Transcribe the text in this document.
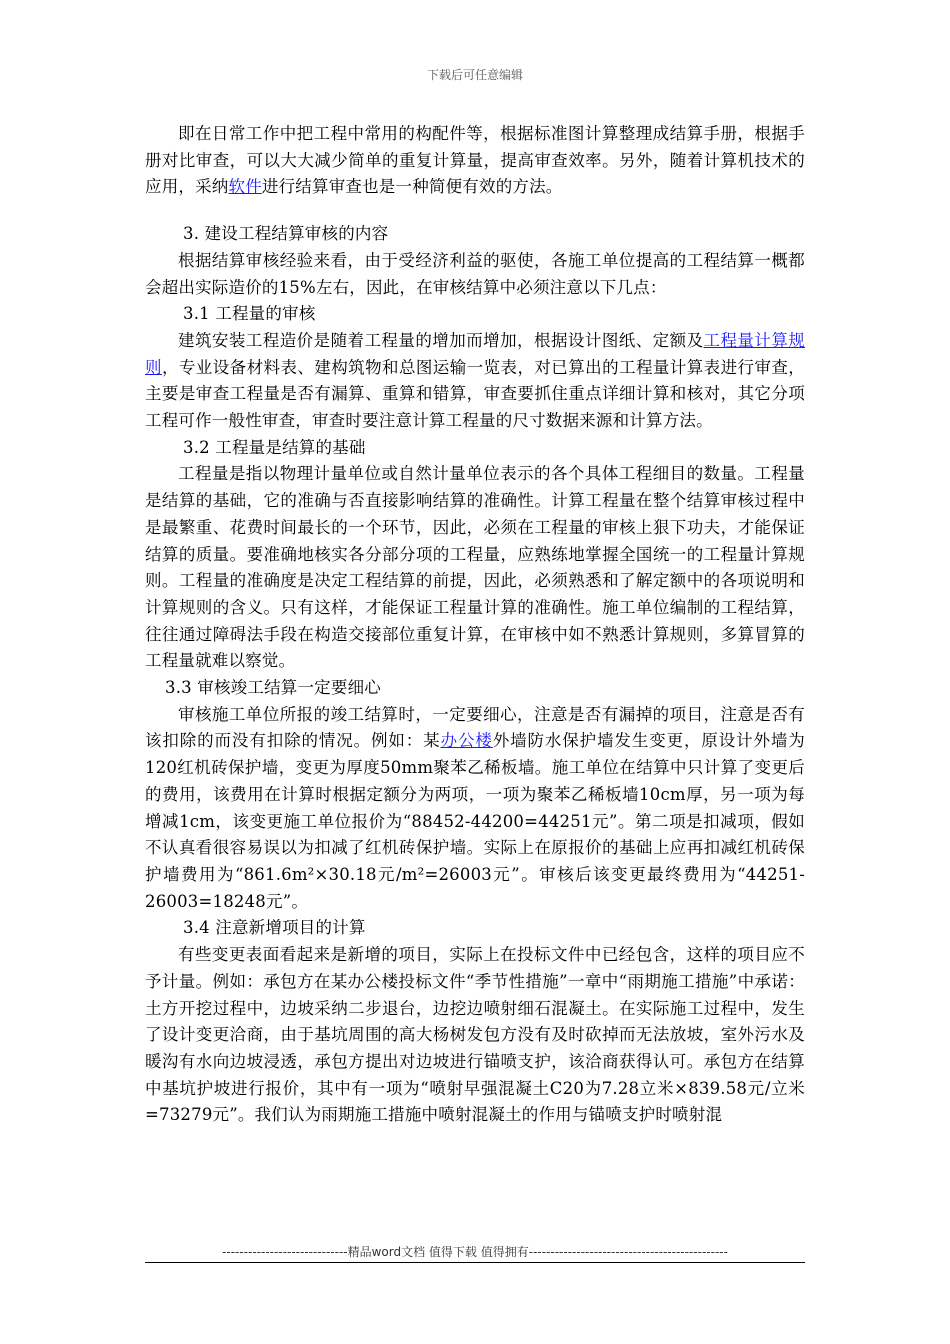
下载后可任意编辑

即在日常工作中把工程中常用的构配件等，根据标准图计算整理成结算手册，根据手册对比审查，可以大大减少简单的重复计算量，提高审查效率。另外，随着计算机技术的应用，采纳软件进行结算审查也是一种简便有效的方法。

3. 建设工程结算审核的内容

根据结算审核经验来看，由于受经济利益的驱使，各施工单位提高的工程结算一概都会超出实际造价的15%左右，因此，在审核结算中必须注意以下几点：

3.1 工程量的审核

建筑安装工程造价是随着工程量的增加而增加，根据设计图纸、定额及工程量计算规则，专业设备材料表、建构筑物和总图运输一览表，对已算出的工程量计算表进行审查，主要是审查工程量是否有漏算、重算和错算，审查要抓住重点详细计算和核对，其它分项工程可作一般性审查，审查时要注意计算工程量的尺寸数据来源和计算方法。

3.2 工程量是结算的基础

工程量是指以物理计量单位或自然计量单位表示的各个具体工程细目的数量。工程量是结算的基础，它的准确与否直接影响结算的准确性。计算工程量在整个结算审核过程中是最繁重、花费时间最长的一个环节，因此，必须在工程量的审核上狠下功夫，才能保证结算的质量。要准确地核实各分部分项的工程量，应熟练地掌握全国统一的工程量计算规则。工程量的准确度是决定工程结算的前提，因此，必须熟悉和了解定额中的各项说明和计算规则的含义。只有这样，才能保证工程量计算的准确性。施工单位编制的工程结算，往往通过障碍法手段在构造交接部位重复计算，在审核中如不熟悉计算规则，多算冒算的工程量就难以察觉。

3.3 审核竣工结算一定要细心

审核施工单位所报的竣工结算时，一定要细心，注意是否有漏掉的项目，注意是否有该扣除的而没有扣除的情况。例如：某办公楼外墙防水保护墙发生变更，原设计外墙为120红机砖保护墙，变更为厚度50mm聚苯乙稀板墙。施工单位在结算中只计算了变更后的费用，该费用在计算时根据定额分为两项，一项为聚苯乙稀板墙10cm厚，另一项为每增减1cm，该变更施工单位报价为“88452-44200=44251元”。第二项是扣减项，假如不认真看很容易误以为扣减了红机砖保护墙。实际上在原报价的基础上应再扣减红机砖保护墙费用为“861.6m²×30.18元/m²=26003元”。审核后该变更最终费用为“44251-26003=18248元”。

3.4 注意新增项目的计算

有些变更表面看起来是新增的项目，实际上在投标文件中已经包含，这样的项目应不予计量。例如：承包方在某办公楼投标文件“季节性措施”一章中“雨期施工措施”中承诺：土方开挖过程中，边坡采纳二步退台，边挖边喷射细石混凝土。在实际施工过程中，发生了设计变更洽商，由于基坑周围的高大杨树发包方没有及时砍掉而无法放坡，室外污水及暖沟有水向边坡浸透，承包方提出对边坡进行锚喷支护，该洽商获得认可。承包方在结算中基坑护坡进行报价，其中有一项为“喷射早强混凝土C20为7.28立米×839.58元/立米=73279元”。我们认为雨期施工措施中喷射混凝土的作用与锚喷支护时喷射混

-----------------------------精品word文档 值得下载 值得拥有----------------------------------------------
